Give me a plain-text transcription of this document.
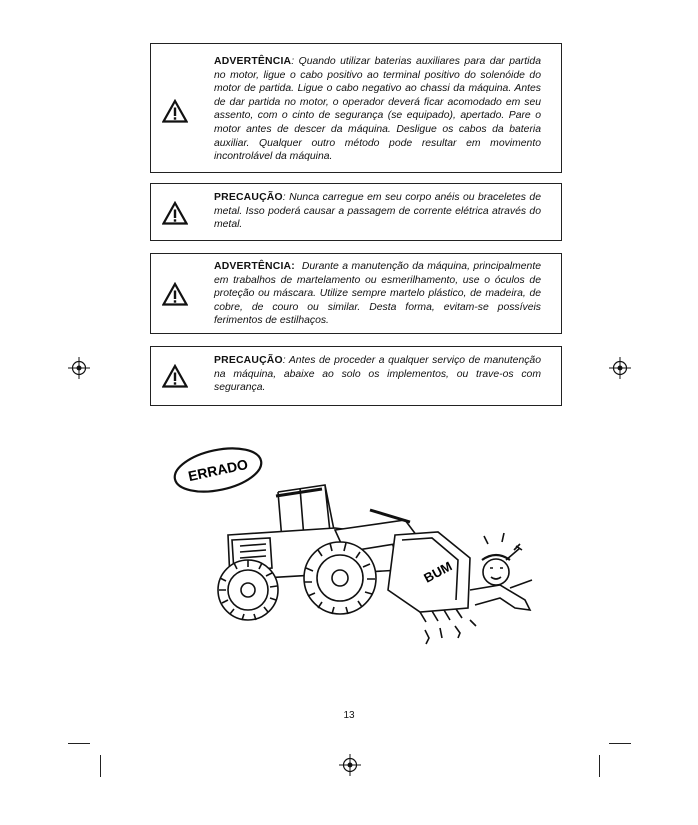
ADVERTÊNCIA: Quando utilizar baterias auxiliares para dar partida no motor, ligue o cabo positivo ao terminal positivo do solenóide do motor de partida. Ligue o cabo negativo ao chassi da máquina. Antes de dar partida no motor, o operador deverá ficar acomodado em seu assento, com o cinto de segurança (se equipado), apertado. Pare o motor antes de descer da máquina. Desligue os cabos da bateria auxiliar. Qualquer outro método pode resultar em movimento incontrolável da máquina.
PRECAUÇÃO: Nunca carregue em seu corpo anéis ou braceletes de metal. Isso poderá causar a passagem de corrente elétrica através do metal.
ADVERTÊNCIA: Durante a manutenção da máquina, principalmente em trabalhos de martelamento ou esmerilhamento, use o óculos de proteção ou máscara. Utilize sempre martelo plástico, de madeira, de cobre, de couro ou similar. Desta forma, evitam-se possíveis ferimentos de estilhaços.
PRECAUÇÃO: Antes de proceder a qualquer serviço de manutenção na máquina, abaixe ao solo os implementos, ou trave-os com segurança.
ERRADO
BUM
13
